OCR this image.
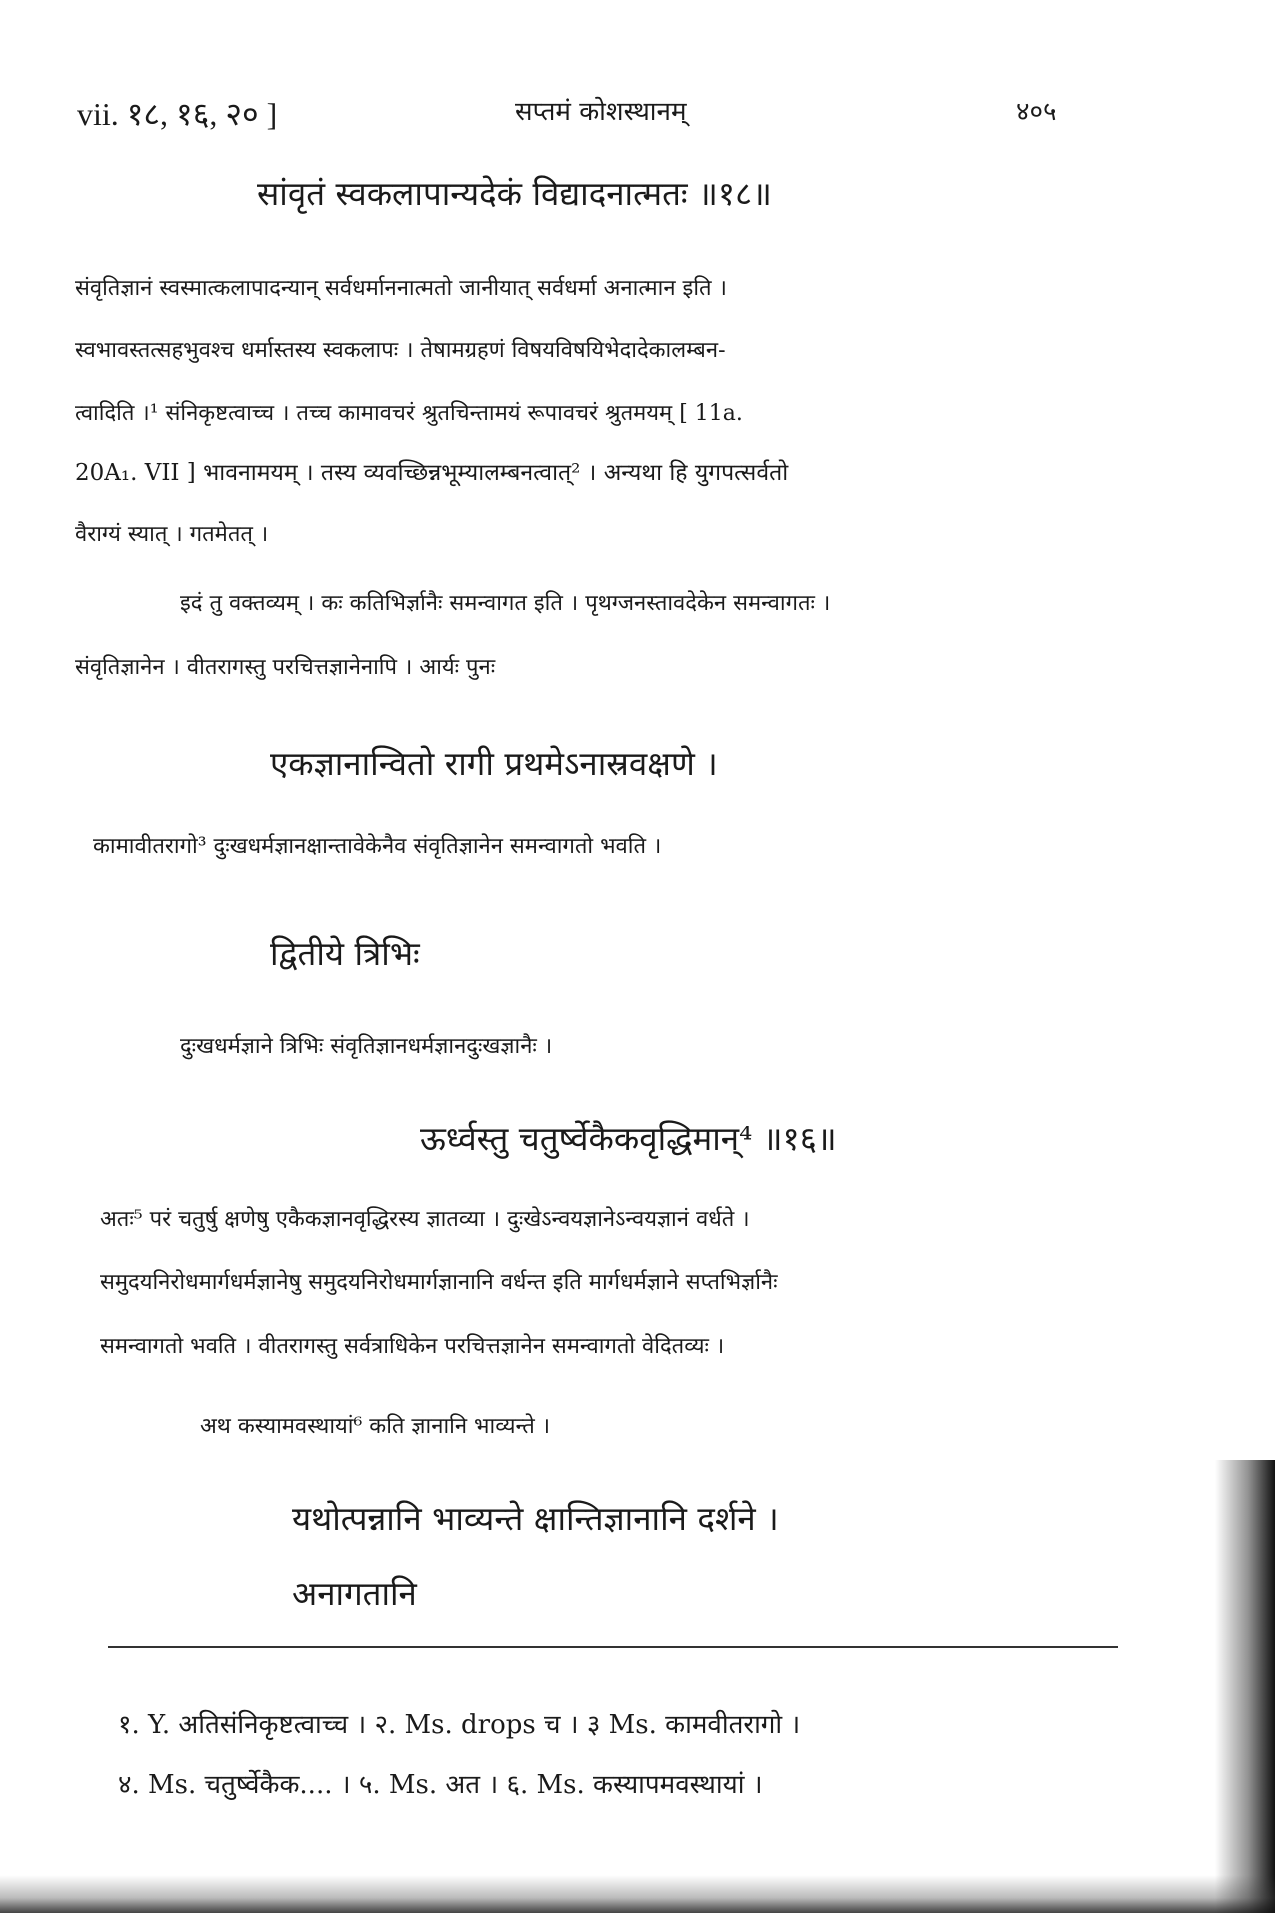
vii. १८, १६, २० ]	सप्तमं कोशस्थानम्	४०५
सांवृतं स्वकलापान्यदेकं विद्यादनात्मतः ॥१८॥
संवृतिज्ञानं स्वस्मात्कलापादन्यान् सर्वधर्माननात्मतो जानीयात् सर्वधर्मा अनात्मान इति ।
स्वभावस्तत्सहभुवश्च धर्मास्तस्य स्वकलापः । तेषामग्रहणं विषयविषयिभेदादेकालम्बन-
त्वादिति ।¹ संनिकृष्टत्वाच्च । तच्च कामावचरं श्रुतचिन्तामयं रूपावचरं श्रुतमयम् [ 11a.
20A₁. VII ] भावनामयम् । तस्य व्यवच्छिन्नभूम्यालम्बनत्वात्² । अन्यथा हि युगपत्सर्वतो
वैराग्यं स्यात् । गतमेतत् ।
इदं तु वक्तव्यम् । कः कतिभिर्ज्ञानैः समन्वागत इति । पृथग्जनस्तावदेकेन समन्वागतः ।
संवृतिज्ञानेन । वीतरागस्तु परचित्तज्ञानेनापि । आर्यः पुनः
एकज्ञानान्वितो रागी प्रथमेऽनास्रवक्षणे ।
कामावीतरागो³ दुःखधर्मज्ञानक्षान्तावेकेनैव संवृतिज्ञानेन समन्वागतो भवति ।
द्वितीये त्रिभिः
दुःखधर्मज्ञाने त्रिभिः संवृतिज्ञानधर्मज्ञानदुःखज्ञानैः ।
ऊर्ध्वस्तु चतुर्ष्वेकैकवृद्धिमान्⁴ ॥१६॥
अतः⁵ परं चतुर्षु क्षणेषु एकैकज्ञानवृद्धिरस्य ज्ञातव्या । दुःखेऽन्वयज्ञानेऽन्वयज्ञानं वर्धते ।
समुदयनिरोधमार्गधर्मज्ञानेषु समुदयनिरोधमार्गज्ञानानि वर्धन्त इति मार्गधर्मज्ञाने सप्तभिर्ज्ञानैः
समन्वागतो भवति । वीतरागस्तु सर्वत्राधिकेन परचित्तज्ञानेन समन्वागतो वेदितव्यः ।
अथ कस्यामवस्थायां⁶ कति ज्ञानानि भाव्यन्ते ।
यथोत्पन्नानि भाव्यन्ते क्षान्तिज्ञानानि दर्शने ।
अनागतानि
१. Y. अतिसंनिकृष्टत्वाच्च । २. Ms. drops च । ३ Ms. कामवीतरागो ।
४. Ms. चतुर्ष्वेकैक.... । ५. Ms. अत । ६. Ms. कस्यापमवस्थायां ।
